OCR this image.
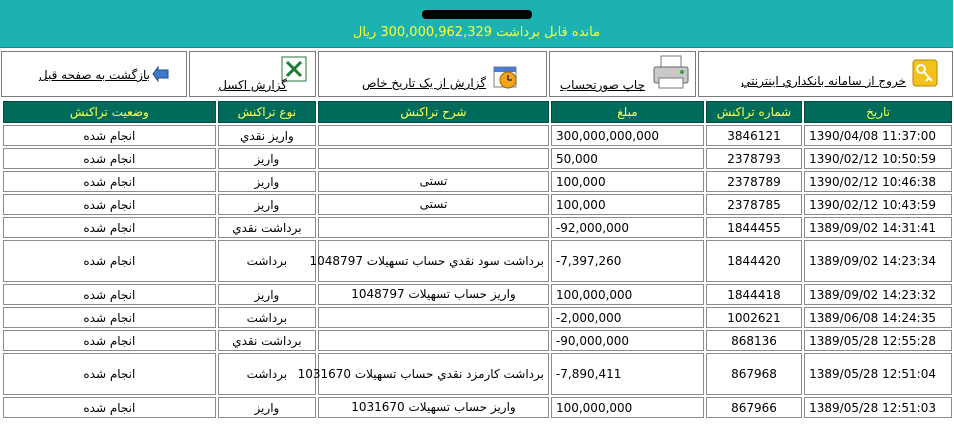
مانده قابل برداشت 300,000,962,329 ريال
خروج از سامانه بانکداري اينترنتي
چاپ صورتحساب
گزارش از يک تاريخ خاص
گزارش اکسل
بازگشت به صفحه قبل
تاريخ	شماره تراکنش	مبلغ	شرح تراکنش	نوع تراکنش	وضعيت تراکنش
1390/04/08 11:37:00	3846121	300,000,000,000		واريز نقدي	انجام شده
1390/02/12 10:50:59	2378793	50,000		واريز	انجام شده
1390/02/12 10:46:38	2378789	100,000	تستی	واريز	انجام شده
1390/02/12 10:43:59	2378785	100,000	تستی	واريز	انجام شده
1389/09/02 14:31:41	1844455	-92,000,000		برداشت نقدي	انجام شده
1389/09/02 14:23:34	1844420	-7,397,260	برداشت سود نقدي حساب تسهيلات 1048797	برداشت	انجام شده
1389/09/02 14:23:32	1844418	100,000,000	واريز حساب تسهيلات 1048797	واريز	انجام شده
1389/06/08 14:24:35	1002621	-2,000,000		برداشت	انجام شده
1389/05/28 12:55:28	868136	-90,000,000		برداشت نقدي	انجام شده
1389/05/28 12:51:04	867968	-7,890,411	برداشت کارمزد نقدي حساب تسهيلات 1031670	برداشت	انجام شده
1389/05/28 12:51:03	867966	100,000,000	واريز حساب تسهيلات 1031670	واريز	انجام شده
